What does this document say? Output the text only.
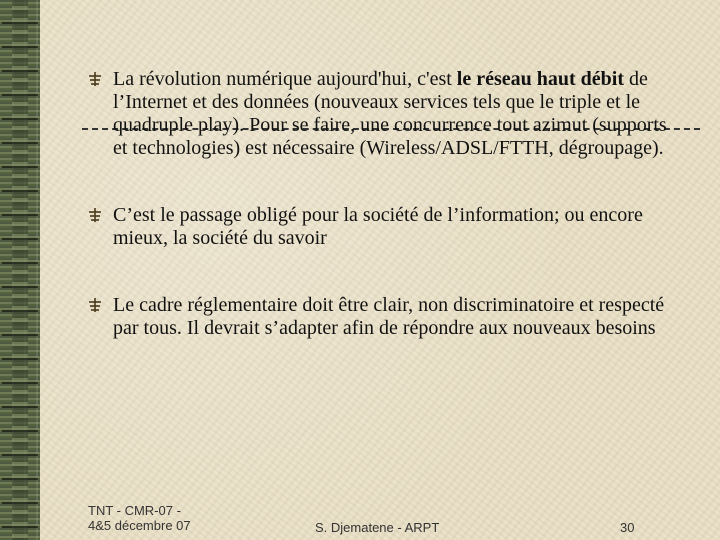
La révolution numérique aujourd'hui, c'est le réseau haut débit de l’Internet et des données (nouveaux services tels que le triple et le quadruple play). Pour se faire, une concurrence tout azimut (supports et technologies) est nécessaire (Wireless/ADSL/FTTH, dégroupage).
C’est le passage obligé pour la société de l’information; ou encore mieux, la société du savoir
Le cadre réglementaire doit être clair, non discriminatoire et respecté par tous. Il devrait s’adapter afin de répondre aux nouveaux besoins
TNT - CMR-07 -
4&5 décembre 07	S. Djematene - ARPT	30
